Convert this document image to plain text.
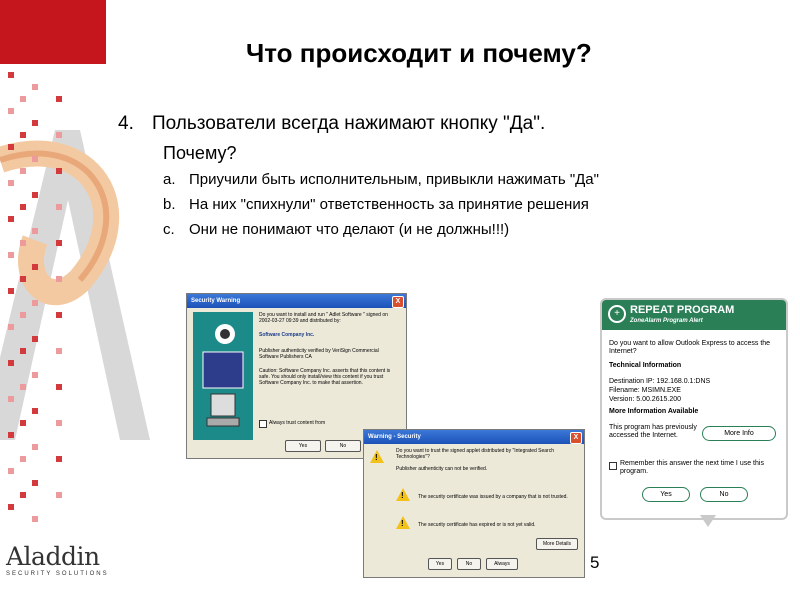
Что происходит и почему?
4. Пользователи всегда нажимают кнопку "Да".
Почему?
a. Приучили быть исполнительным, привыкли нажимать "Да"
b. На них "спихнули" ответственность за принятие решения
c. Они не понимают что делают (и не должны!!!)
Security Warning	X
Do you want to install and run " Adlet Software " signed on 2002-03-27 09:39 and distributed by:
Software Company Inc.
Publisher authenticity verified by VeriSign Commercial Software Publishers CA
Caution: Software Company Inc. asserts that this content is safe. You should only install/view this content if you trust Software Company Inc. to make that assertion.
Always trust content from
Yes	No
Warning - Security	X
!
Do you want to trust the signed applet distributed by "Integrated Search Technologies"?
Publisher authenticity can not be verified.
!	The security certificate was issued by a company that is not trusted.
!	The security certificate has expired or is not yet valid.
More Details
Yes	No	Always
+ REPEAT PROGRAM
ZoneAlarm Program Alert
Do you want to allow Outlook Express to access the Internet?
Technical Information
Destination IP: 192.168.0.1:DNS
Filename: MSIMN.EXE
Version: 5.00.2615.200
More Information Available
This program has previously accessed the Internet.	More Info
Remember this answer the next time I use this program.
Yes	No
Aladdin
SECURITY SOLUTIONS
5
